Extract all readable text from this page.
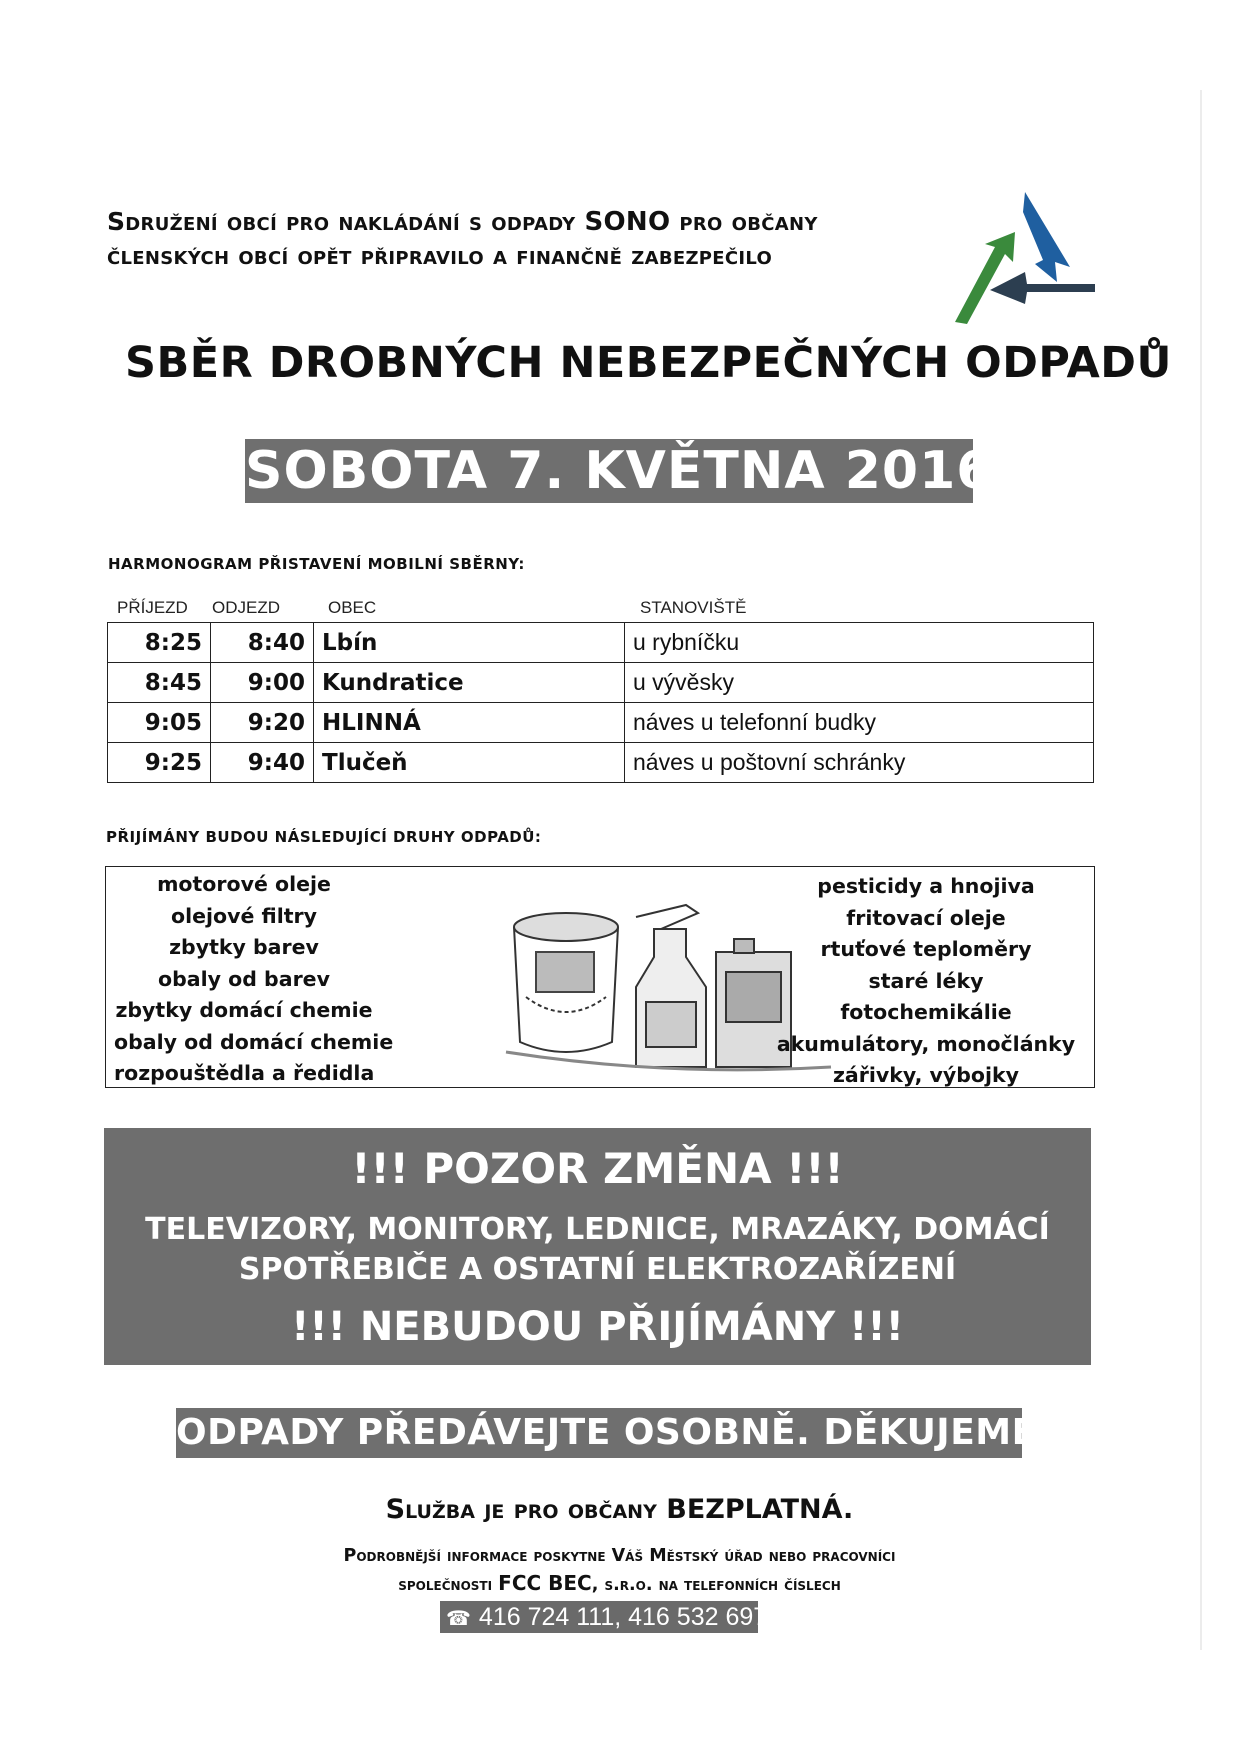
Sdružení obcí pro nakládání s odpady SONO pro občany
členských obcí opět připravilo a finančně zabezpečilo
SBĚR DROBNÝCH NEBEZPEČNÝCH ODPADŮ
SOBOTA 7. KVĚTNA 2016
HARMONOGRAM PŘISTAVENÍ MOBILNÍ SBĚRNY:
PŘÍJEZD ODJEZD	OBEC	STANOVIŠTĚ
8:25	8:40	Lbín	u rybníčku
8:45	9:00	Kundratice	u vývěsky
9:05	9:20	HLINNÁ	náves u telefonní budky
9:25	9:40	Tlučeň	náves u poštovní schránky
PŘIJÍMÁNY BUDOU NÁSLEDUJÍCÍ DRUHY ODPADŮ:
motorové oleje
olejové filtry
zbytky barev
obaly od barev
zbytky domácí chemie
obaly od domácí chemie
rozpouštědla a ředidla
pesticidy a hnojiva
fritovací oleje
rtuťové teploměry
staré léky
fotochemikálie
akumulátory, monočlánky
zářivky, výbojky
!!! POZOR ZMĚNA !!!
TELEVIZORY, MONITORY, LEDNICE, MRAZÁKY, DOMÁCÍ
SPOTŘEBIČE A OSTATNÍ ELEKTROZAŘÍZENÍ
!!! NEBUDOU PŘIJÍMÁNY !!!
ODPADY PŘEDÁVEJTE OSOBNĚ. DĚKUJEME.
Služba je pro občany BEZPLATNÁ.
Podrobnější informace poskytne Váš Městský úřad nebo pracovníci
společnosti FCC BEC, s.r.o. na telefonních číslech
☎ 416 724 111, 416 532 697
